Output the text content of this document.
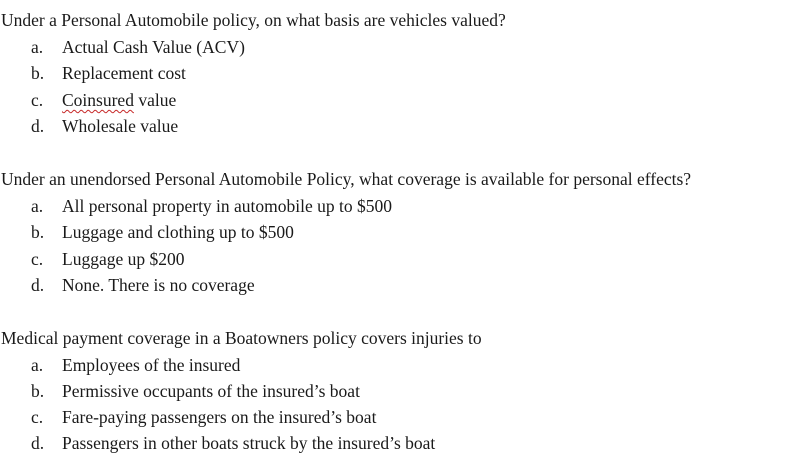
Under a Personal Automobile policy, on what basis are vehicles valued?
a. Actual Cash Value (ACV)
b. Replacement cost
c. Coinsured value
d. Wholesale value
Under an unendorsed Personal Automobile Policy, what coverage is available for personal effects?
a. All personal property in automobile up to $500
b. Luggage and clothing up to $500
c. Luggage up $200
d. None. There is no coverage
Medical payment coverage in a Boatowners policy covers injuries to
a. Employees of the insured
b. Permissive occupants of the insured’s boat
c. Fare-paying passengers on the insured’s boat
d. Passengers in other boats struck by the insured’s boat
